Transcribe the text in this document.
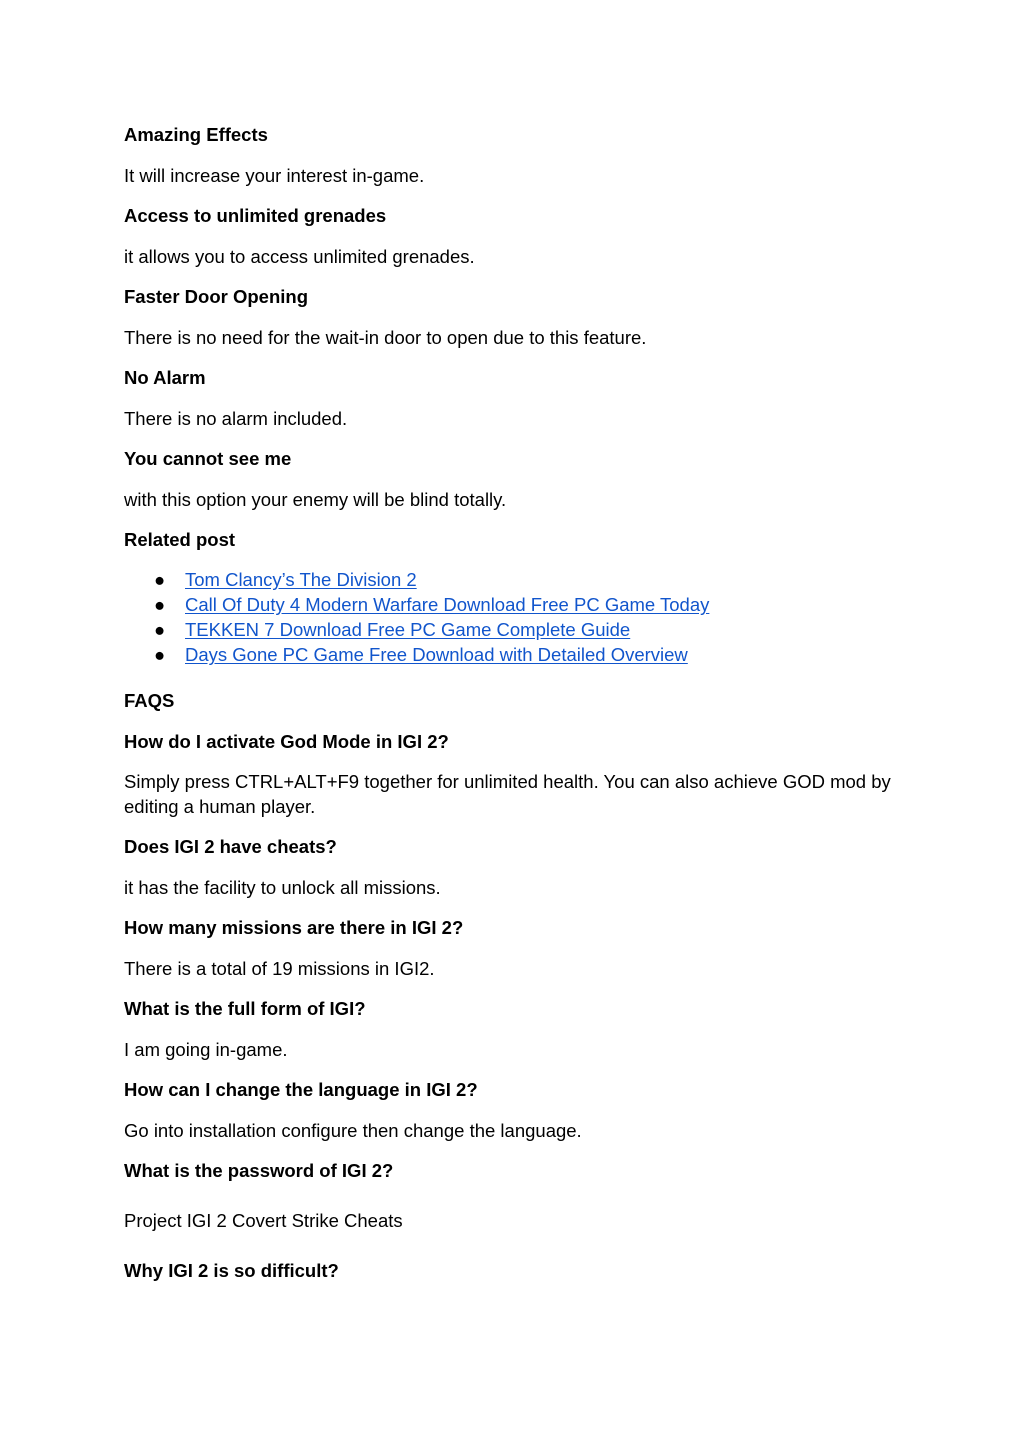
Amazing Effects

It will increase your interest in-game.

Access to unlimited grenades

it allows you to access unlimited grenades.

Faster Door Opening

There is no need for the wait-in door to open due to this feature.

No Alarm

There is no alarm included.

You cannot see me

with this option your enemy will be blind totally.

Related post

● Tom Clancy’s The Division 2
● Call Of Duty 4 Modern Warfare Download Free PC Game Today
● TEKKEN 7 Download Free PC Game Complete Guide
● Days Gone PC Game Free Download with Detailed Overview

FAQS

How do I activate God Mode in IGI 2?

Simply press CTRL+ALT+F9 together for unlimited health. You can also achieve GOD mod by editing a human player.

Does IGI 2 have cheats?

it has the facility to unlock all missions.

How many missions are there in IGI 2?

There is a total of 19 missions in IGI2.

What is the full form of IGI?

I am going in-game.

How can I change the language in IGI 2?

Go into installation configure then change the language.

What is the password of IGI 2?

Project IGI 2 Covert Strike Cheats

Why IGI 2 is so difficult?
